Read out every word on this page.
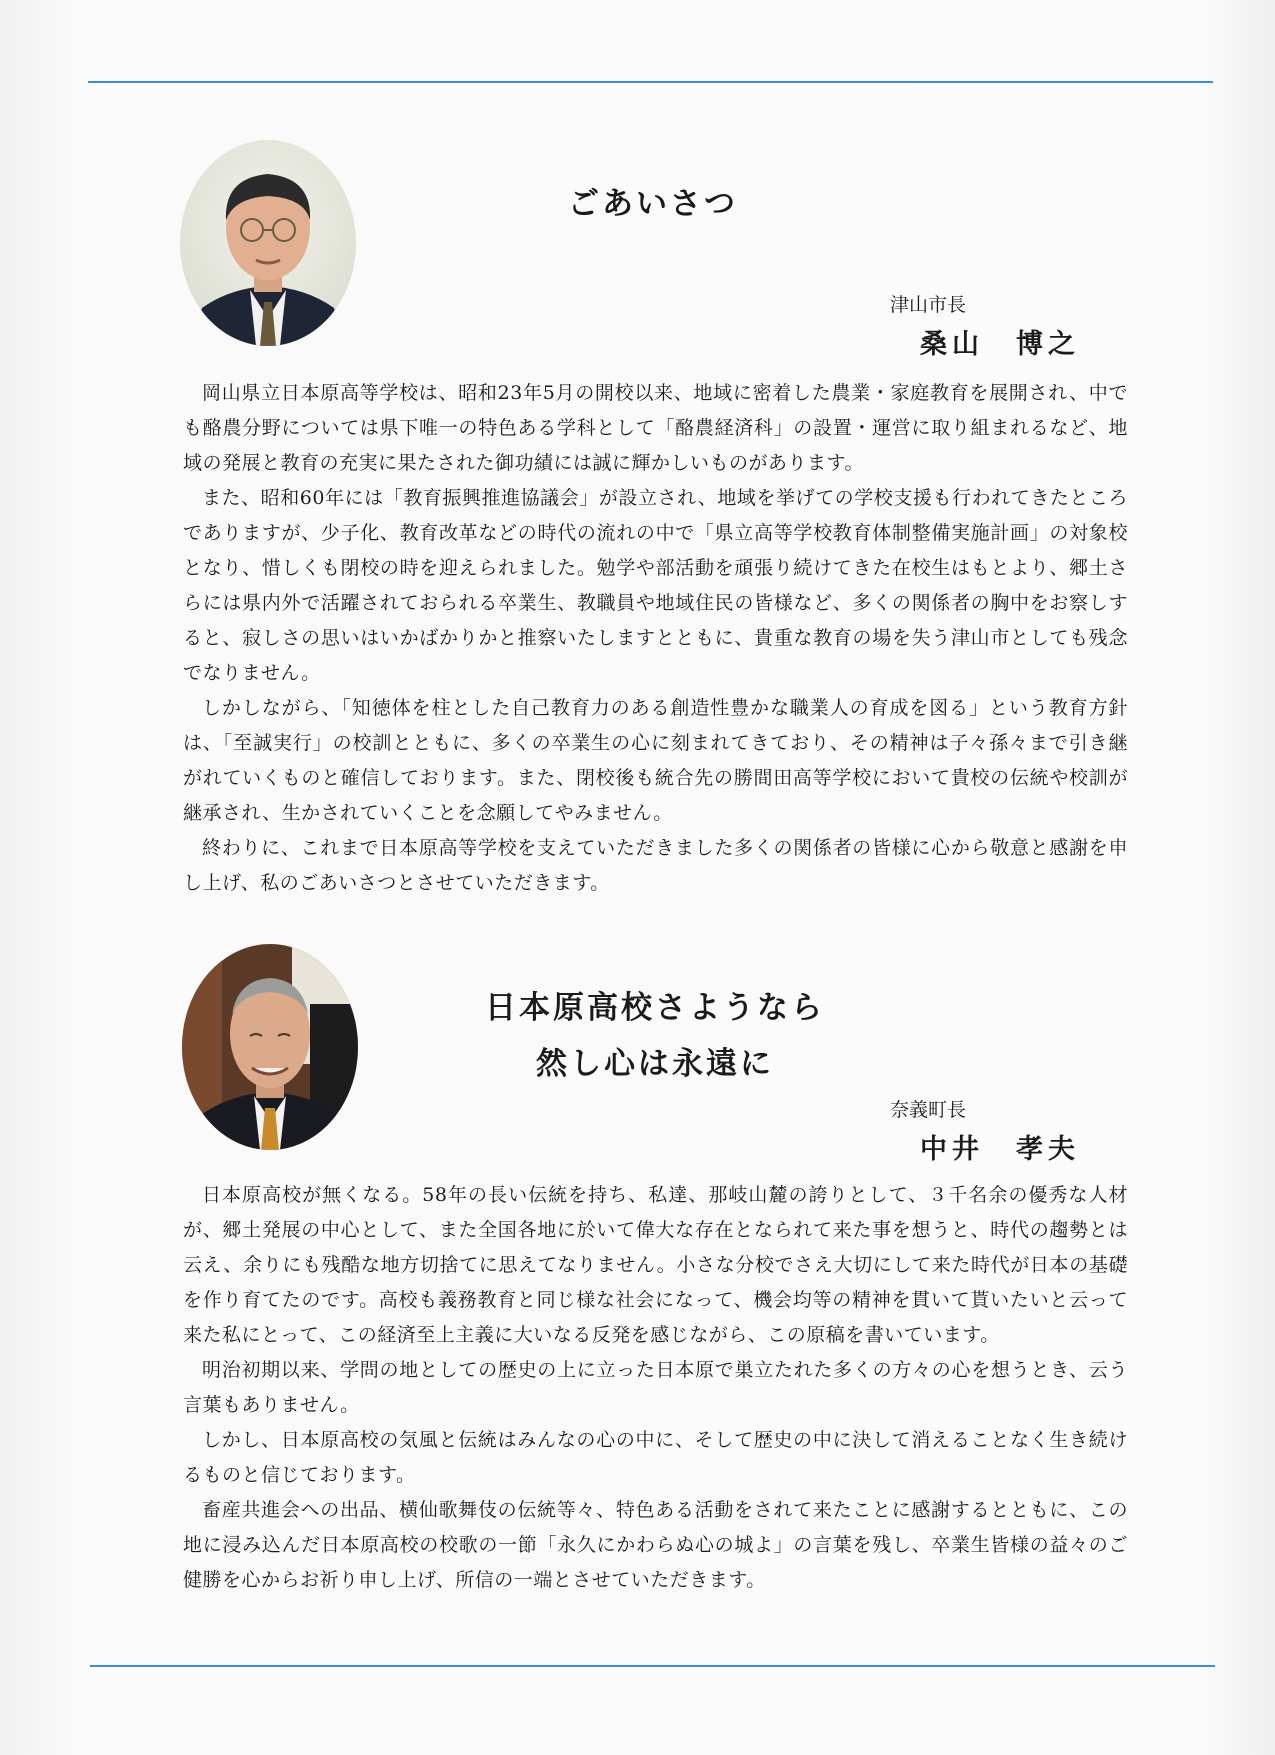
ごあいさつ
津山市長
桑山　博之

岡山県立日本原高等学校は、昭和23年5月の開校以来、地域に密着した農業・家庭教育を展開され、中でも酪農分野については県下唯一の特色ある学科として「酪農経済科」の設置・運営に取り組まれるなど、地域の発展と教育の充実に果たされた御功績には誠に輝かしいものがあります。

また、昭和60年には「教育振興推進協議会」が設立され、地域を挙げての学校支援も行われてきたところでありますが、少子化、教育改革などの時代の流れの中で「県立高等学校教育体制整備実施計画」の対象校となり、惜しくも閉校の時を迎えられました。勉学や部活動を頑張り続けてきた在校生はもとより、郷土さらには県内外で活躍されておられる卒業生、教職員や地域住民の皆様など、多くの関係者の胸中をお察しすると、寂しさの思いはいかばかりかと推察いたしますとともに、貴重な教育の場を失う津山市としても残念でなりません。

しかしながら、「知徳体を柱とした自己教育力のある創造性豊かな職業人の育成を図る」という教育方針は、「至誠実行」の校訓とともに、多くの卒業生の心に刻まれてきており、その精神は子々孫々まで引き継がれていくものと確信しております。また、閉校後も統合先の勝間田高等学校において貴校の伝統や校訓が継承され、生かされていくことを念願してやみません。

終わりに、これまで日本原高等学校を支えていただきました多くの関係者の皆様に心から敬意と感謝を申し上げ、私のごあいさつとさせていただきます。

日本原高校さようなら
然し心は永遠に
奈義町長
中井　孝夫

日本原高校が無くなる。58年の長い伝統を持ち、私達、那岐山麓の誇りとして、３千名余の優秀な人材が、郷土発展の中心として、また全国各地に於いて偉大な存在となられて来た事を想うと、時代の趨勢とは云え、余りにも残酷な地方切捨てに思えてなりません。小さな分校でさえ大切にして来た時代が日本の基礎を作り育てたのです。高校も義務教育と同じ様な社会になって、機会均等の精神を貫いて貰いたいと云って来た私にとって、この経済至上主義に大いなる反発を感じながら、この原稿を書いています。

明治初期以来、学問の地としての歴史の上に立った日本原で巣立たれた多くの方々の心を想うとき、云う言葉もありません。

しかし、日本原高校の気風と伝統はみんなの心の中に、そして歴史の中に決して消えることなく生き続けるものと信じております。

畜産共進会への出品、横仙歌舞伎の伝統等々、特色ある活動をされて来たことに感謝するとともに、この地に浸み込んだ日本原高校の校歌の一節「永久にかわらぬ心の城よ」の言葉を残し、卒業生皆様の益々のご健勝を心からお祈り申し上げ、所信の一端とさせていただきます。
